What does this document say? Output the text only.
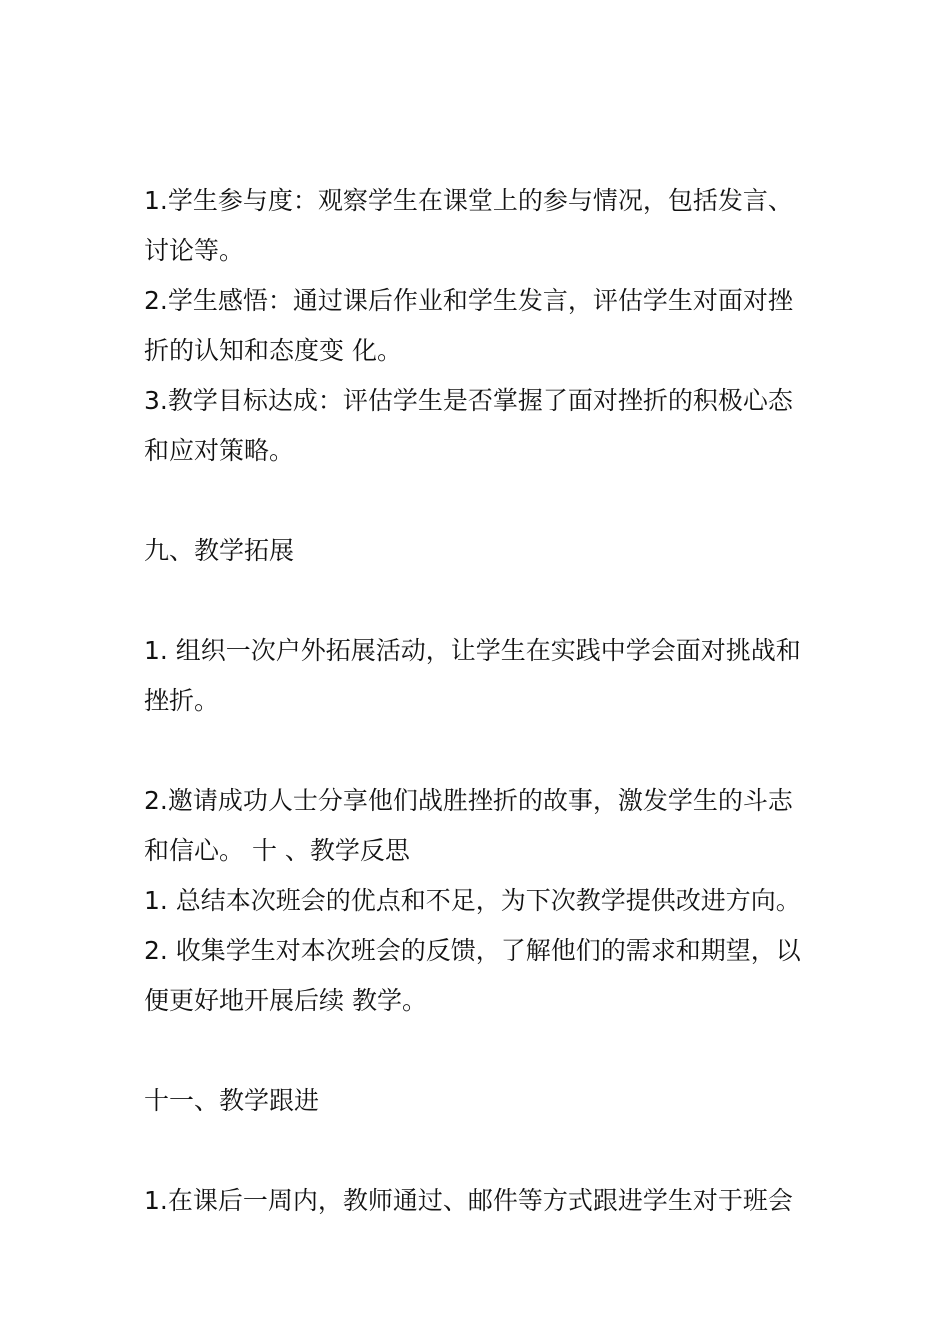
1.学生参与度：观察学生在课堂上的参与情况，包括发言、讨论等。

2.学生感悟：通过课后作业和学生发言，评估学生对面对挫折的认知和态度变 化。

3.教学目标达成：评估学生是否掌握了面对挫折的积极心态和应对策略。

九、教学拓展

1. 组织一次户外拓展活动，让学生在实践中学会面对挑战和挫折。

2.邀请成功人士分享他们战胜挫折的故事，激发学生的斗志和信心。 十 、教学反思

1. 总结本次班会的优点和不足，为下次教学提供改进方向。

2. 收集学生对本次班会的反馈，了解他们的需求和期望，以便更好地开展后续 教学。

十一、教学跟进

1.在课后一周内，教师通过、邮件等方式跟进学生对于班会
